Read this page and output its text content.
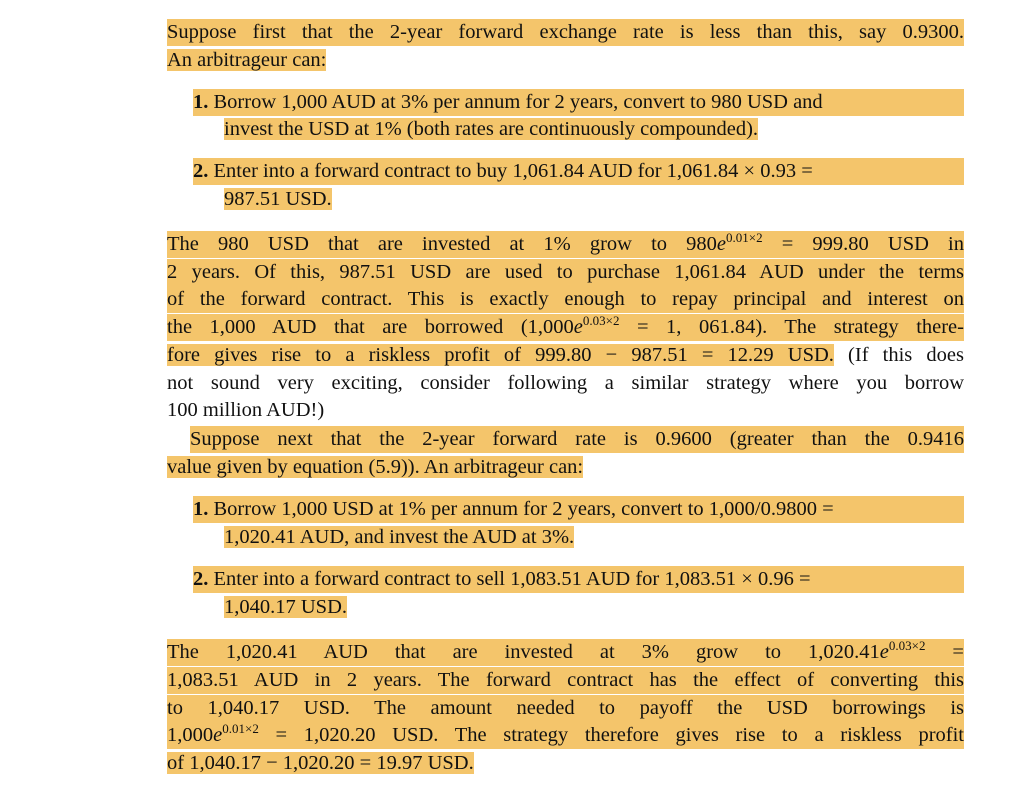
Suppose first that the 2-year forward exchange rate is less than this, say 0.9300.
An arbitrageur can:
1. Borrow 1,000 AUD at 3% per annum for 2 years, convert to 980 USD and
invest the USD at 1% (both rates are continuously compounded).
2. Enter into a forward contract to buy 1,061.84 AUD for 1,061.84 × 0.93 =
987.51 USD.
The 980 USD that are invested at 1% grow to $980e^{0.01\times 2} = 999.80$ USD in
2 years. Of this, 987.51 USD are used to purchase 1,061.84 AUD under the terms
of the forward contract. This is exactly enough to repay principal and interest on
the 1,000 AUD that are borrowed ($1,000e^{0.03\times 2} = 1$, 061.84). The strategy there-
fore gives rise to a riskless profit of 999.80 − 987.51 = 12.29 USD. (If this does
not sound very exciting, consider following a similar strategy where you borrow
100 million AUD!)
Suppose next that the 2-year forward rate is 0.9600 (greater than the 0.9416
value given by equation (5.9)). An arbitrageur can:
1. Borrow 1,000 USD at 1% per annum for 2 years, convert to 1,000/0.9800 =
1,020.41 AUD, and invest the AUD at 3%.
2. Enter into a forward contract to sell 1,083.51 AUD for 1,083.51 × 0.96 =
1,040.17 USD.
The 1,020.41 AUD that are invested at 3% grow to $1,020.41e^{0.03\times 2}$ =
1,083.51 AUD in 2 years. The forward contract has the effect of converting this
to 1,040.17 USD. The amount needed to payoff the USD borrowings is
$1,000e^{0.01\times 2} = 1,020.20$ USD. The strategy therefore gives rise to a riskless profit
of 1,040.17 − 1,020.20 = 19.97 USD.
